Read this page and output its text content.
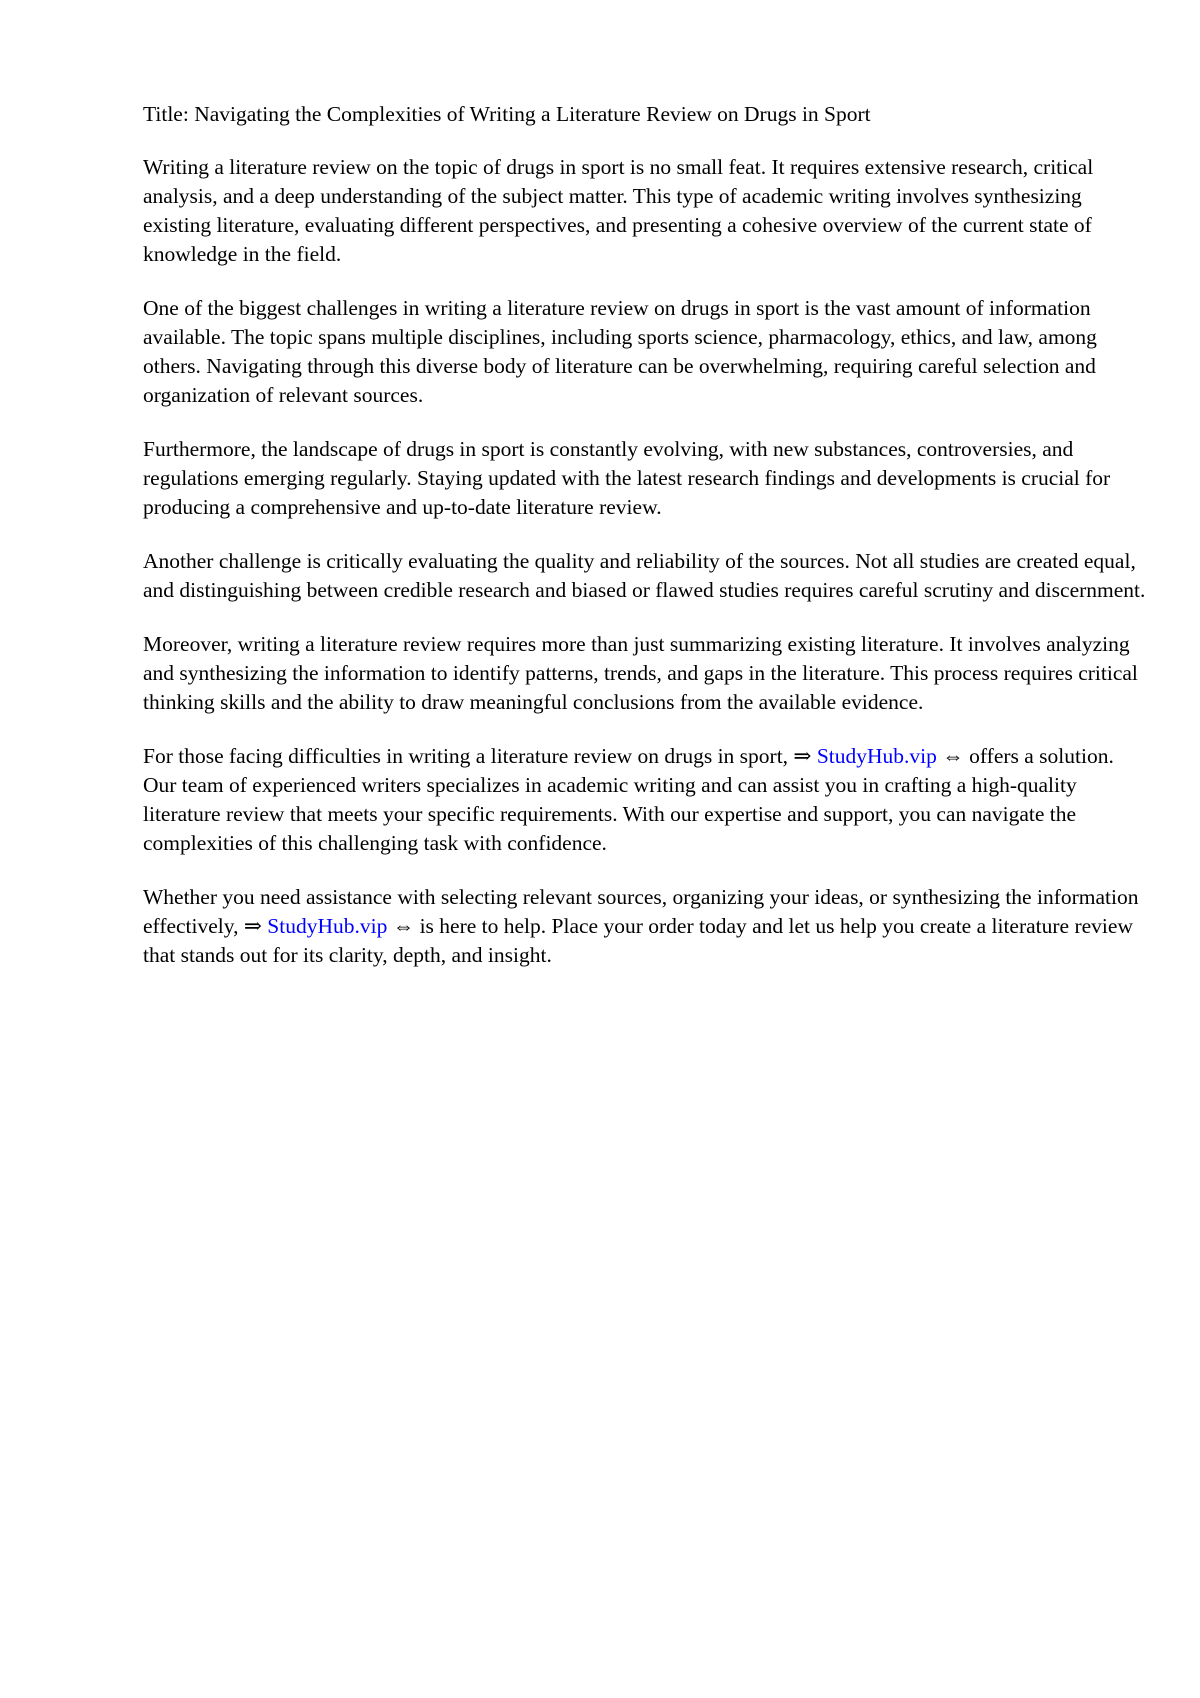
Title: Navigating the Complexities of Writing a Literature Review on Drugs in Sport

Writing a literature review on the topic of drugs in sport is no small feat. It requires extensive research, critical analysis, and a deep understanding of the subject matter. This type of academic writing involves synthesizing existing literature, evaluating different perspectives, and presenting a cohesive overview of the current state of knowledge in the field.

One of the biggest challenges in writing a literature review on drugs in sport is the vast amount of information available. The topic spans multiple disciplines, including sports science, pharmacology, ethics, and law, among others. Navigating through this diverse body of literature can be overwhelming, requiring careful selection and organization of relevant sources.

Furthermore, the landscape of drugs in sport is constantly evolving, with new substances, controversies, and regulations emerging regularly. Staying updated with the latest research findings and developments is crucial for producing a comprehensive and up-to-date literature review.

Another challenge is critically evaluating the quality and reliability of the sources. Not all studies are created equal, and distinguishing between credible research and biased or flawed studies requires careful scrutiny and discernment.

Moreover, writing a literature review requires more than just summarizing existing literature. It involves analyzing and synthesizing the information to identify patterns, trends, and gaps in the literature. This process requires critical thinking skills and the ability to draw meaningful conclusions from the available evidence.

For those facing difficulties in writing a literature review on drugs in sport, ⇒ StudyHub.vip ⇔ offers a solution. Our team of experienced writers specializes in academic writing and can assist you in crafting a high-quality literature review that meets your specific requirements. With our expertise and support, you can navigate the complexities of this challenging task with confidence.

Whether you need assistance with selecting relevant sources, organizing your ideas, or synthesizing the information effectively, ⇒ StudyHub.vip ⇔ is here to help. Place your order today and let us help you create a literature review that stands out for its clarity, depth, and insight.
